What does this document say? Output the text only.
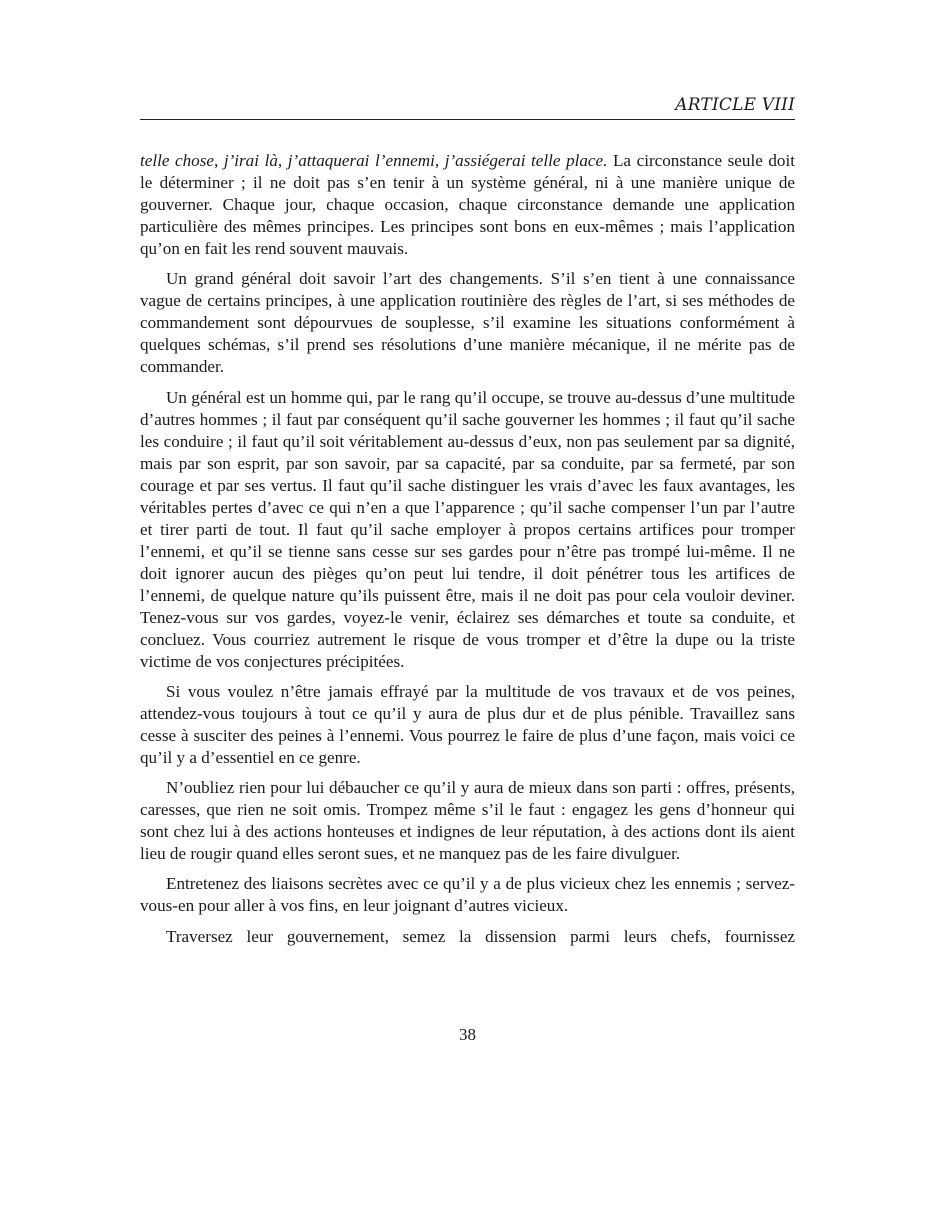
ARTICLE VIII

telle chose, j’irai là, j’attaquerai l’ennemi, j’assiégerai telle place. La circonstance seule doit le déterminer ; il ne doit pas s’en tenir à un système général, ni à une manière unique de gouverner. Chaque jour, chaque occasion, chaque circonstance demande une application particulière des mêmes principes. Les principes sont bons en eux-mêmes ; mais l’application qu’on en fait les rend souvent mauvais.

Un grand général doit savoir l’art des changements. S’il s’en tient à une connaissance vague de certains principes, à une application routinière des règles de l’art, si ses méthodes de commandement sont dépourvues de souplesse, s’il examine les situations conformément à quelques schémas, s’il prend ses résolutions d’une manière mécanique, il ne mérite pas de commander.

Un général est un homme qui, par le rang qu’il occupe, se trouve au-dessus d’une multitude d’autres hommes ; il faut par conséquent qu’il sache gouverner les hommes ; il faut qu’il sache les conduire ; il faut qu’il soit véritablement au-dessus d’eux, non pas seulement par sa dignité, mais par son esprit, par son savoir, par sa capacité, par sa conduite, par sa fermeté, par son courage et par ses vertus. Il faut qu’il sache distinguer les vrais d’avec les faux avantages, les véritables pertes d’avec ce qui n’en a que l’apparence ; qu’il sache compenser l’un par l’autre et tirer parti de tout. Il faut qu’il sache employer à propos certains artifices pour tromper l’ennemi, et qu’il se tienne sans cesse sur ses gardes pour n’être pas trompé lui-même. Il ne doit ignorer aucun des pièges qu’on peut lui tendre, il doit pénétrer tous les artifices de l’ennemi, de quelque nature qu’ils puissent être, mais il ne doit pas pour cela vouloir deviner. Tenez-vous sur vos gardes, voyez-le venir, éclairez ses démarches et toute sa conduite, et concluez. Vous courriez autrement le risque de vous tromper et d’être la dupe ou la triste victime de vos conjectures précipitées.

Si vous voulez n’être jamais effrayé par la multitude de vos travaux et de vos peines, attendez-vous toujours à tout ce qu’il y aura de plus dur et de plus pénible. Travaillez sans cesse à susciter des peines à l’ennemi. Vous pourrez le faire de plus d’une façon, mais voici ce qu’il y a d’essentiel en ce genre.

N’oubliez rien pour lui débaucher ce qu’il y aura de mieux dans son parti : offres, présents, caresses, que rien ne soit omis. Trompez même s’il le faut : engagez les gens d’honneur qui sont chez lui à des actions honteuses et indignes de leur réputation, à des actions dont ils aient lieu de rougir quand elles seront sues, et ne manquez pas de les faire divulguer.

Entretenez des liaisons secrètes avec ce qu’il y a de plus vicieux chez les ennemis ; servez-vous-en pour aller à vos fins, en leur joignant d’autres vicieux.

Traversez leur gouvernement, semez la dissension parmi leurs chefs, fournissez

38
